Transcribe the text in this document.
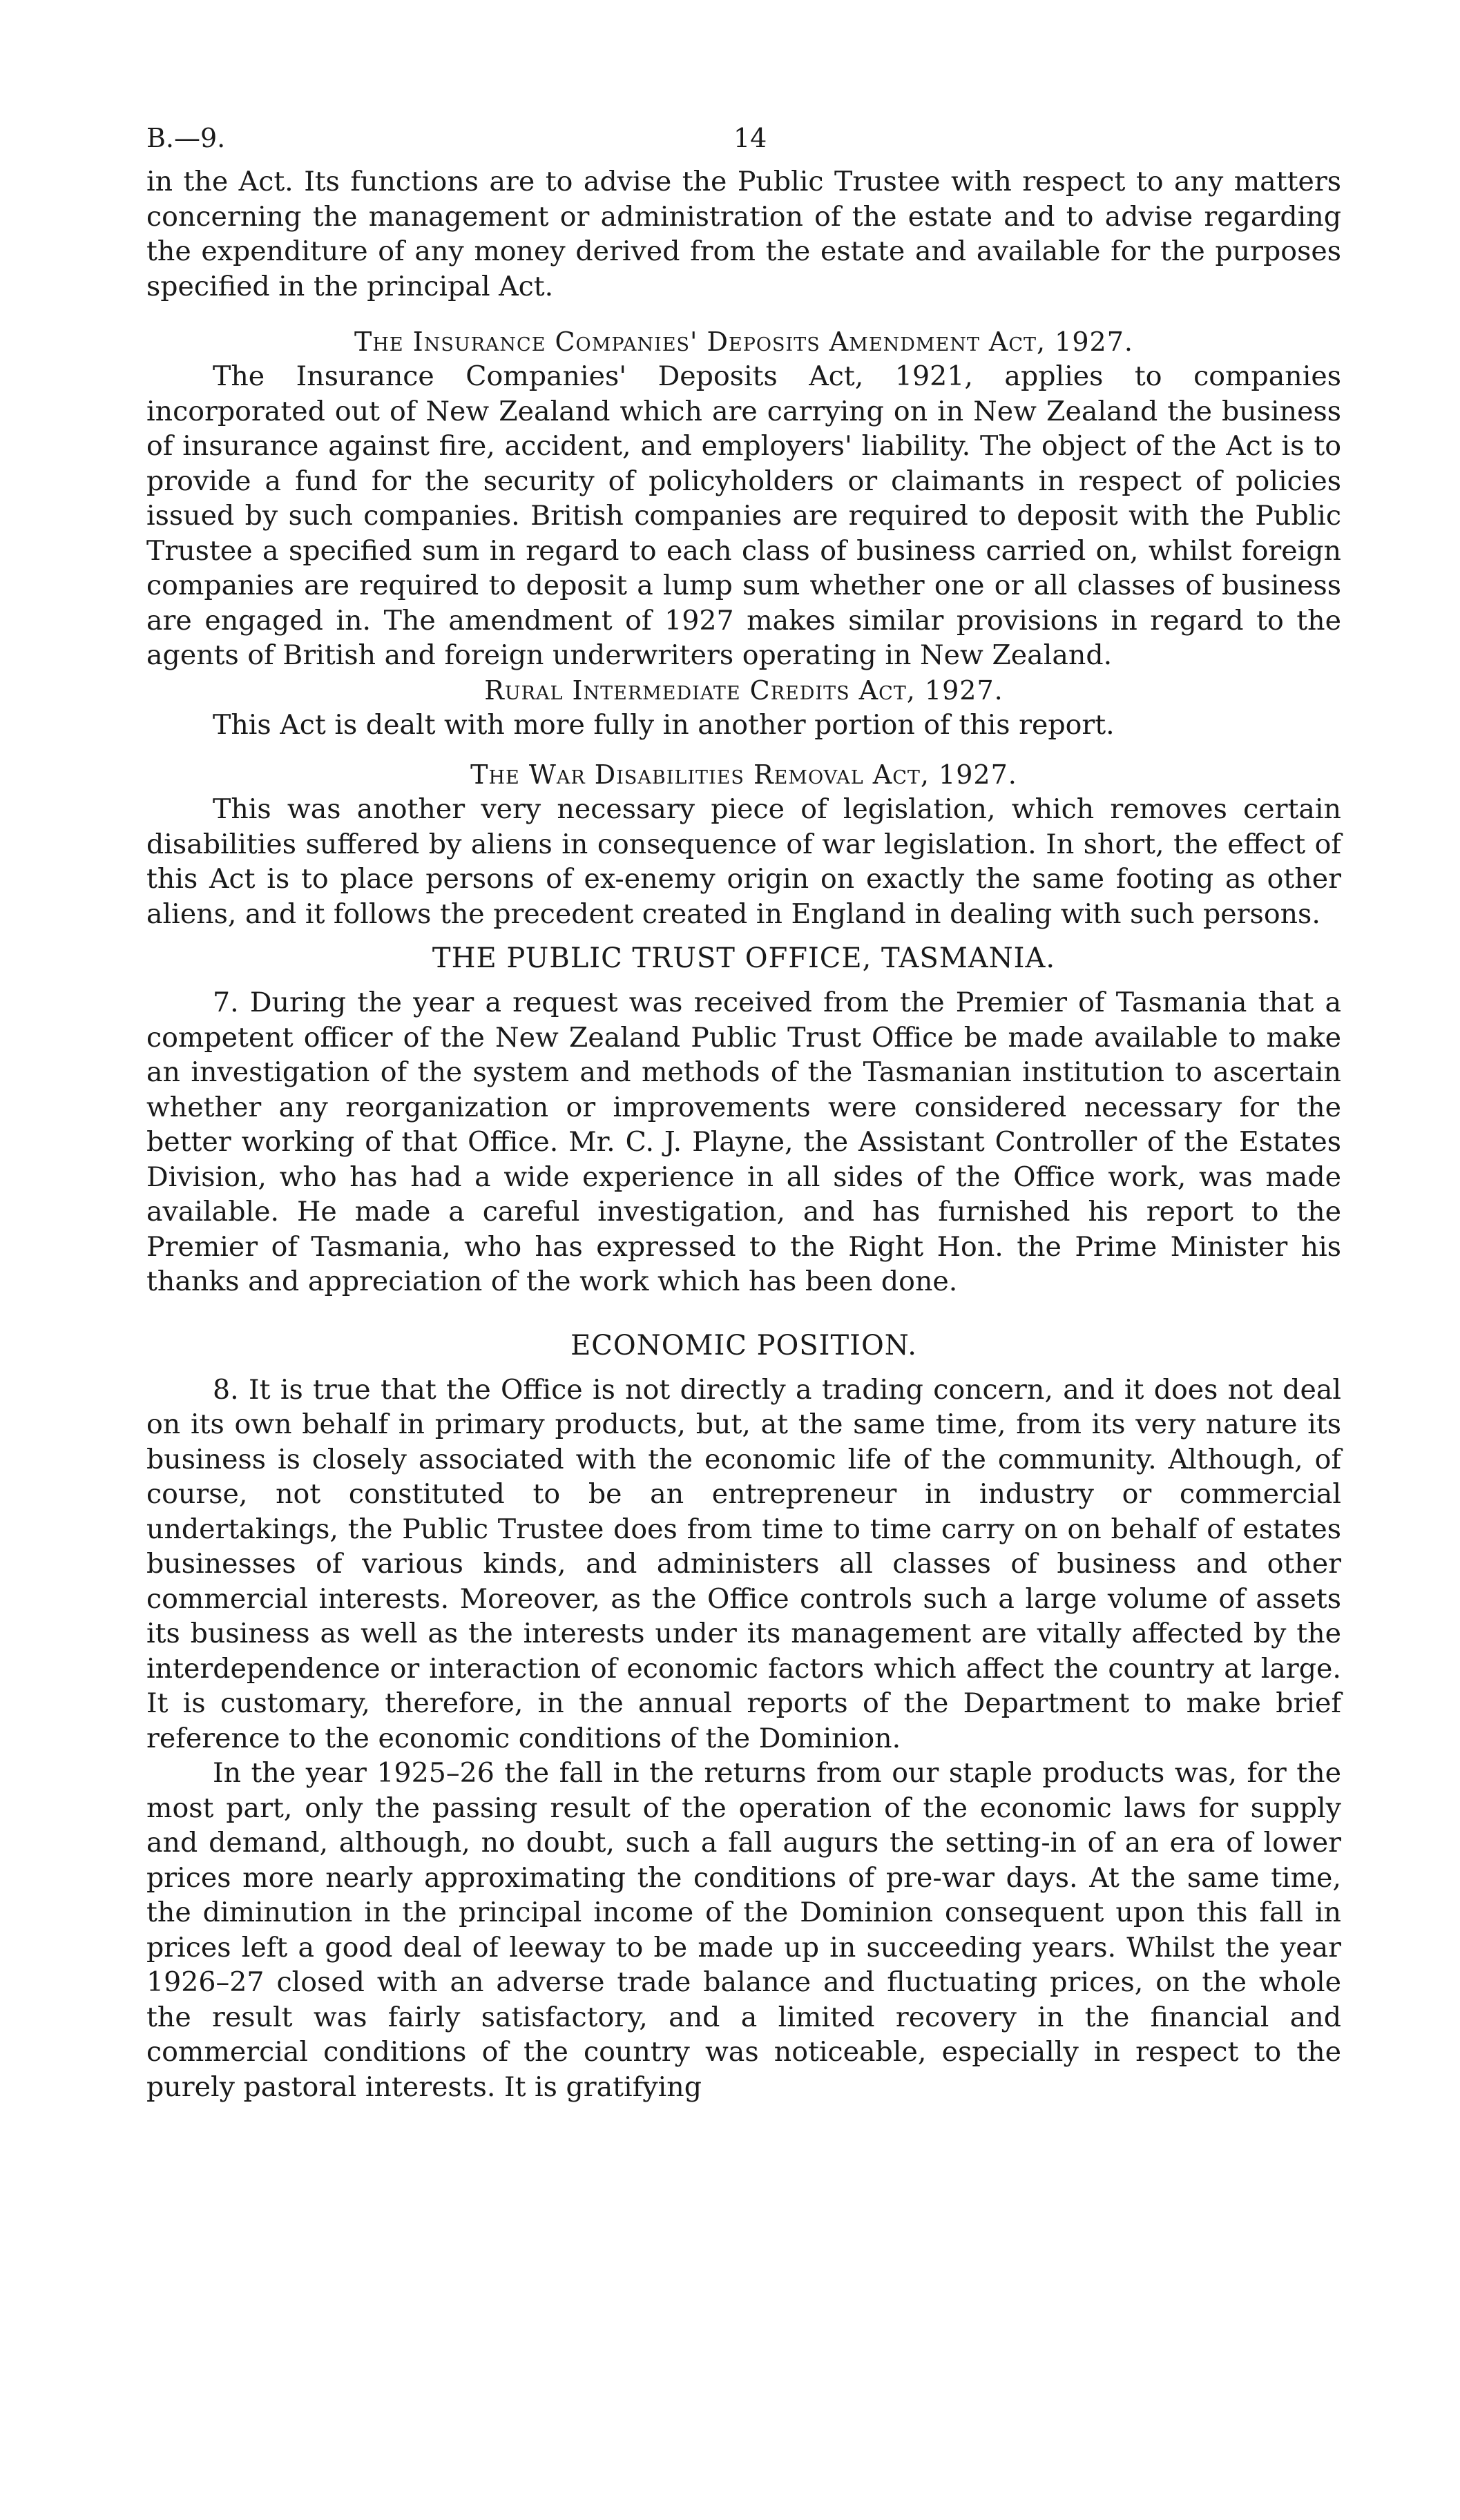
B.—9.	14

in the Act. Its functions are to advise the Public Trustee with respect to any matters concerning the management or administration of the estate and to advise regarding the expenditure of any money derived from the estate and available for the purposes specified in the principal Act.

The Insurance Companies' Deposits Amendment Act, 1927.

The Insurance Companies' Deposits Act, 1921, applies to companies incorporated out of New Zealand which are carrying on in New Zealand the business of insurance against fire, accident, and employers' liability. The object of the Act is to provide a fund for the security of policyholders or claimants in respect of policies issued by such companies. British companies are required to deposit with the Public Trustee a specified sum in regard to each class of business carried on, whilst foreign companies are required to deposit a lump sum whether one or all classes of business are engaged in. The amendment of 1927 makes similar provisions in regard to the agents of British and foreign underwriters operating in New Zealand.

Rural Intermediate Credits Act, 1927.

This Act is dealt with more fully in another portion of this report.

The War Disabilities Removal Act, 1927.

This was another very necessary piece of legislation, which removes certain disabilities suffered by aliens in consequence of war legislation. In short, the effect of this Act is to place persons of ex-enemy origin on exactly the same footing as other aliens, and it follows the precedent created in England in dealing with such persons.

THE PUBLIC TRUST OFFICE, TASMANIA.

7. During the year a request was received from the Premier of Tasmania that a competent officer of the New Zealand Public Trust Office be made available to make an investigation of the system and methods of the Tasmanian institution to ascertain whether any reorganization or improvements were considered necessary for the better working of that Office. Mr. C. J. Playne, the Assistant Controller of the Estates Division, who has had a wide experience in all sides of the Office work, was made available. He made a careful investigation, and has furnished his report to the Premier of Tasmania, who has expressed to the Right Hon. the Prime Minister his thanks and appreciation of the work which has been done.

ECONOMIC POSITION.

8. It is true that the Office is not directly a trading concern, and it does not deal on its own behalf in primary products, but, at the same time, from its very nature its business is closely associated with the economic life of the community. Although, of course, not constituted to be an entrepreneur in industry or commercial undertakings, the Public Trustee does from time to time carry on on behalf of estates businesses of various kinds, and administers all classes of business and other commercial interests. Moreover, as the Office controls such a large volume of assets its business as well as the interests under its management are vitally affected by the interdependence or interaction of economic factors which affect the country at large. It is customary, therefore, in the annual reports of the Department to make brief reference to the economic conditions of the Dominion.

In the year 1925–26 the fall in the returns from our staple products was, for the most part, only the passing result of the operation of the economic laws for supply and demand, although, no doubt, such a fall augurs the setting-in of an era of lower prices more nearly approximating the conditions of pre-war days. At the same time, the diminution in the principal income of the Dominion consequent upon this fall in prices left a good deal of leeway to be made up in succeeding years. Whilst the year 1926–27 closed with an adverse trade balance and fluctuating prices, on the whole the result was fairly satisfactory, and a limited recovery in the financial and commercial conditions of the country was noticeable, especially in respect to the purely pastoral interests. It is gratifying
